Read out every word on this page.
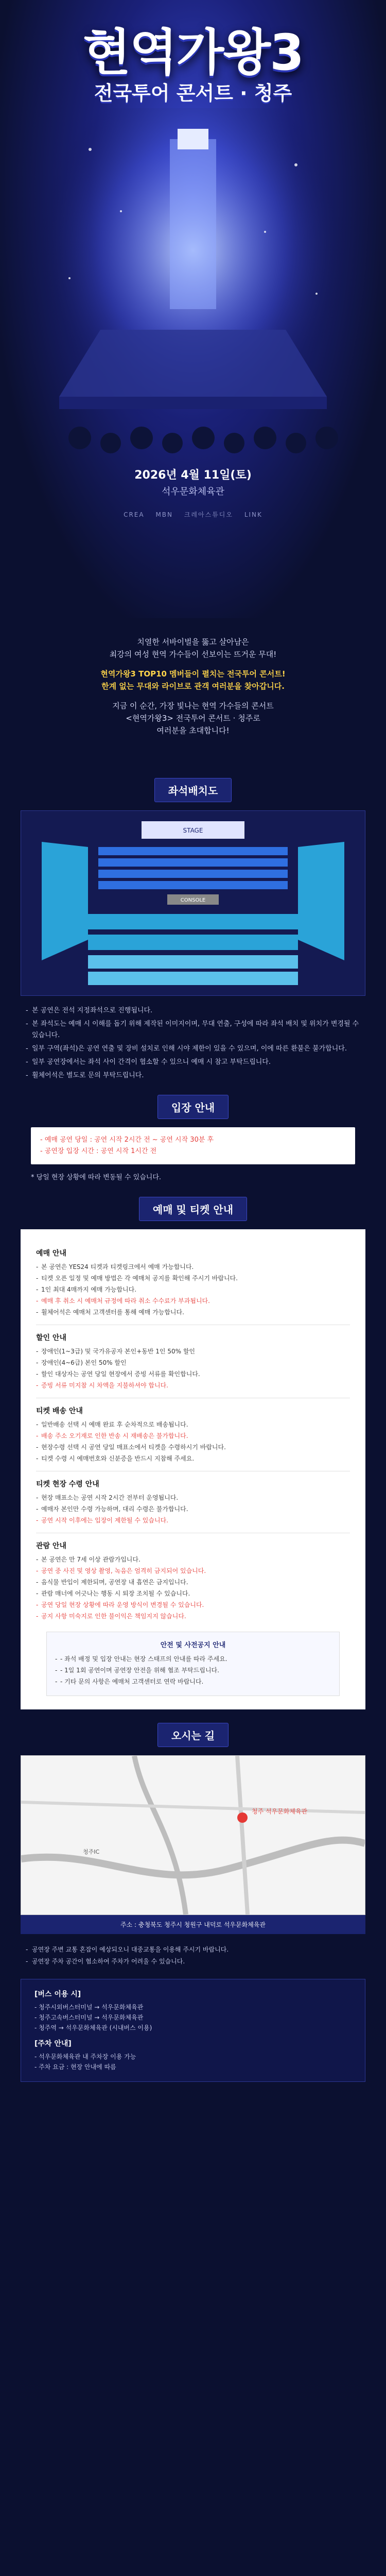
현역가왕3
전국투어 콘서트 · 청주
2026년 4월 11일(토)
석우문화체육관
CREA MBN 크레아스튜디오 LINK

치열한 서바이벌을 뚫고 살아남은
최강의 여성 현역 가수들이 선보이는 뜨거운 무대!

현역가왕3 TOP10 멤버들이 펼치는 전국투어 콘서트!
한계 없는 무대와 라이브로 관객 여러분을 찾아갑니다.

지금 이 순간, 가장 빛나는 현역 가수들의 콘서트
<현역가왕3> 전국투어 콘서트 · 청주로
여러분을 초대합니다!

좌석배치도
STAGE
CONSOLE
- 본 공연은 전석 지정좌석으로 진행됩니다.
- 본 좌석도는 예매 시 이해를 돕기 위해 제작된 이미지이며, 무대 연출, 구성에 따라 좌석 배치 및 위치가 변경될 수 있습니다.
- 일부 구역(좌석)은 공연 연출 및 장비 설치로 인해 시야 제한이 있을 수 있으며, 이에 따른 환불은 불가합니다.
- 일부 공연장에서는 좌석 사이 간격이 협소할 수 있으니 예매 시 참고 부탁드립니다.
- 휠체어석은 별도로 문의 부탁드립니다.
입장 안내

- 예매 공연 당일 : 공연 시작 2시간 전 ~ 공연 시작 30분 후

- 공연장 입장 시간 : 공연 시작 1시간 전

* 당일 현장 상황에 따라 변동될 수 있습니다.

예매 및 티켓 안내
예매 안내
- 본 공연은 YES24 티켓과 티켓링크에서 예매 가능합니다.
- 티켓 오픈 일정 및 예매 방법은 각 예매처 공지를 확인해 주시기 바랍니다.
- 1인 최대 4매까지 예매 가능합니다.
- 예매 후 취소 시 예매처 규정에 따라 취소 수수료가 부과됩니다.
- 휠체어석은 예매처 고객센터를 통해 예매 가능합니다.
할인 안내
- 장애인(1~3급) 및 국가유공자 본인+동반 1인 50% 할인
- 장애인(4~6급) 본인 50% 할인
- 할인 대상자는 공연 당일 현장에서 증빙 서류를 확인합니다.
- 증빙 서류 미지참 시 차액을 지불하셔야 합니다.
티켓 배송 안내
- 일반배송 선택 시 예매 완료 후 순차적으로 배송됩니다.
- 배송 주소 오기재로 인한 반송 시 재배송은 불가합니다.
- 현장수령 선택 시 공연 당일 매표소에서 티켓을 수령하시기 바랍니다.
- 티켓 수령 시 예매번호와 신분증을 반드시 지참해 주세요.
티켓 현장 수령 안내
- 현장 매표소는 공연 시작 2시간 전부터 운영됩니다.
- 예매자 본인만 수령 가능하며, 대리 수령은 불가합니다.
- 공연 시작 이후에는 입장이 제한될 수 있습니다.
관람 안내
- 본 공연은 만 7세 이상 관람가입니다.
- 공연 중 사진 및 영상 촬영, 녹음은 엄격히 금지되어 있습니다.
- 음식물 반입이 제한되며, 공연장 내 흡연은 금지입니다.
- 관람 매너에 어긋나는 행동 시 퇴장 조치될 수 있습니다.
- 공연 당일 현장 상황에 따라 운영 방식이 변경될 수 있습니다.
- 공지 사항 미숙지로 인한 불이익은 책임지지 않습니다.
안전 및 사전공지 안내
- - 좌석 배정 및 입장 안내는 현장 스태프의 안내를 따라 주세요.
- - 1일 1회 공연이며 공연장 안전을 위해 협조 부탁드립니다.
- - 기타 문의 사항은 예매처 고객센터로 연락 바랍니다.
오시는 길
청주 석우문화체육관
청주IC
주소 : 충청북도 청주시 청원구 내덕로 석우문화체육관
- 공연장 주변 교통 혼잡이 예상되오니 대중교통을 이용해 주시기 바랍니다.
- 공연장 주차 공간이 협소하여 주차가 어려울 수 있습니다.
[버스 이용 시]
- 청주시외버스터미널 → 석우문화체육관
- 청주고속버스터미널 → 석우문화체육관
- 청주역 → 석우문화체육관 (시내버스 이용)
[주차 안내]
- 석우문화체육관 내 주차장 이용 가능
- 주차 요금 : 현장 안내에 따름
